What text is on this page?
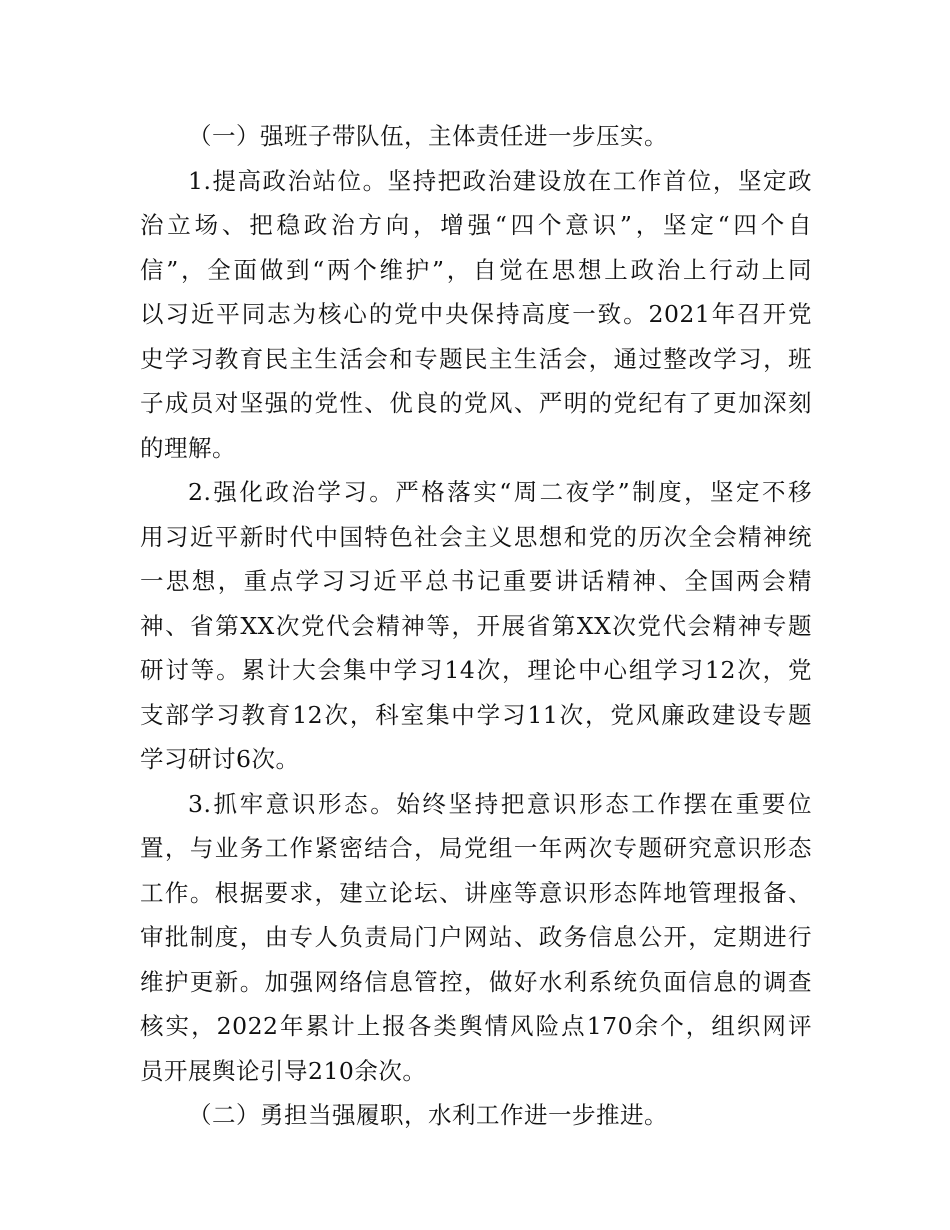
（一）强班子带队伍，主体责任进一步压实。
1.提高政治站位。坚持把政治建设放在工作首位，坚定政
治立场、把稳政治方向，增强“四个意识”，坚定“四个自
信”，全面做到“两个维护”，自觉在思想上政治上行动上同
以习近平同志为核心的党中央保持高度一致。2021年召开党
史学习教育民主生活会和专题民主生活会，通过整改学习，班
子成员对坚强的党性、优良的党风、严明的党纪有了更加深刻
的理解。
2.强化政治学习。严格落实“周二夜学”制度，坚定不移
用习近平新时代中国特色社会主义思想和党的历次全会精神统
一思想，重点学习习近平总书记重要讲话精神、全国两会精
神、省第XX次党代会精神等，开展省第XX次党代会精神专题
研讨等。累计大会集中学习14次，理论中心组学习12次，党
支部学习教育12次，科室集中学习11次，党风廉政建设专题
学习研讨6次。
3.抓牢意识形态。始终坚持把意识形态工作摆在重要位
置，与业务工作紧密结合，局党组一年两次专题研究意识形态
工作。根据要求，建立论坛、讲座等意识形态阵地管理报备、
审批制度，由专人负责局门户网站、政务信息公开，定期进行
维护更新。加强网络信息管控，做好水利系统负面信息的调查
核实，2022年累计上报各类舆情风险点170余个，组织网评
员开展舆论引导210余次。
（二）勇担当强履职，水利工作进一步推进。
